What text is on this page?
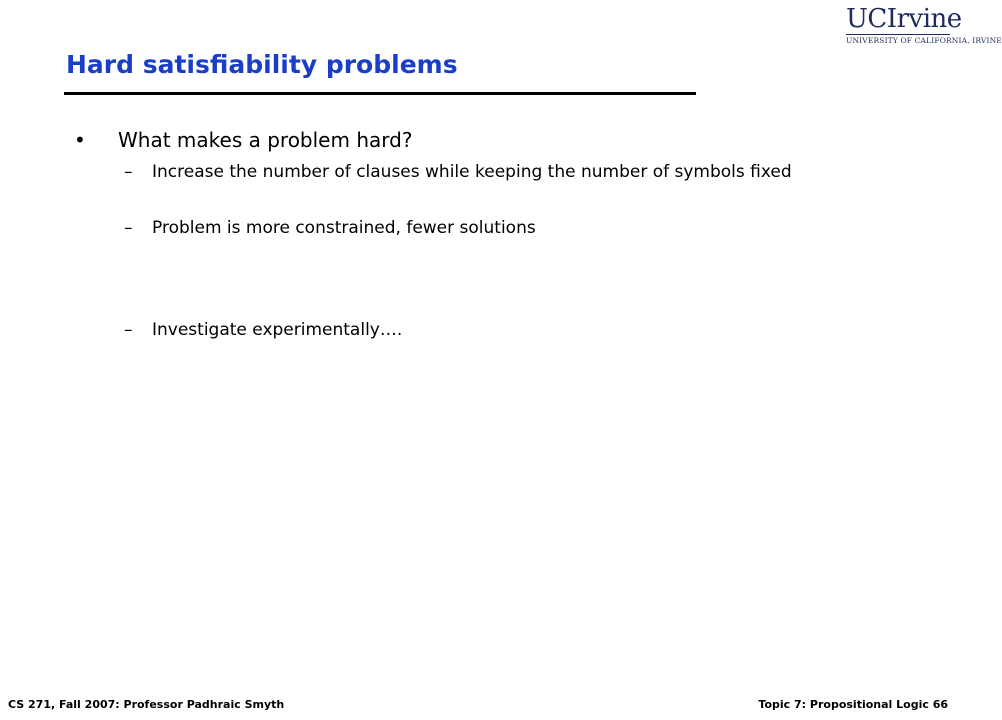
UCIrvine
UNIVERSITY OF CALIFORNIA, IRVINE
Hard satisfiability problems
• What makes a problem hard?
– Increase the number of clauses while keeping the number of symbols fixed
– Problem is more constrained, fewer solutions
– Investigate experimentally….
CS 271, Fall 2007: Professor Padhraic Smyth	Topic 7: Propositional Logic 66
